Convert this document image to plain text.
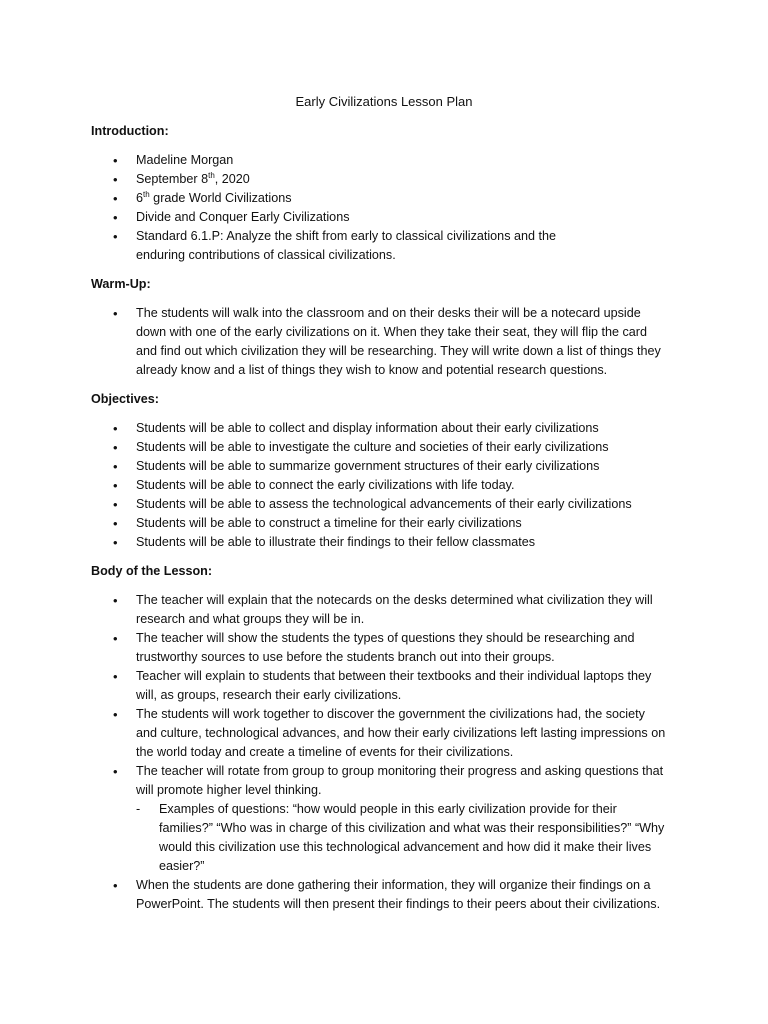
Early Civilizations Lesson Plan

Introduction:

• Madeline Morgan
• September 8th, 2020
• 6th grade World Civilizations
• Divide and Conquer Early Civilizations
• Standard 6.1.P: Analyze the shift from early to classical civilizations and the
enduring contributions of classical civilizations.

Warm-Up:

• The students will walk into the classroom and on their desks their will be a notecard upside
down with one of the early civilizations on it. When they take their seat, they will flip the card
and find out which civilization they will be researching. They will write down a list of things they
already know and a list of things they wish to know and potential research questions.

Objectives:

• Students will be able to collect and display information about their early civilizations
• Students will be able to investigate the culture and societies of their early civilizations
• Students will be able to summarize government structures of their early civilizations
• Students will be able to connect the early civilizations with life today.
• Students will be able to assess the technological advancements of their early civilizations
• Students will be able to construct a timeline for their early civilizations
• Students will be able to illustrate their findings to their fellow classmates

Body of the Lesson:

• The teacher will explain that the notecards on the desks determined what civilization they will
research and what groups they will be in.
• The teacher will show the students the types of questions they should be researching and
trustworthy sources to use before the students branch out into their groups.
• Teacher will explain to students that between their textbooks and their individual laptops they
will, as groups, research their early civilizations.
• The students will work together to discover the government the civilizations had, the society
and culture, technological advances, and how their early civilizations left lasting impressions on
the world today and create a timeline of events for their civilizations.
• The teacher will rotate from group to group monitoring their progress and asking questions that
will promote higher level thinking.
- Examples of questions: “how would people in this early civilization provide for their
families?” “Who was in charge of this civilization and what was their responsibilities?” “Why
would this civilization use this technological advancement and how did it make their lives
easier?”
• When the students are done gathering their information, they will organize their findings on a
PowerPoint. The students will then present their findings to their peers about their civilizations.
